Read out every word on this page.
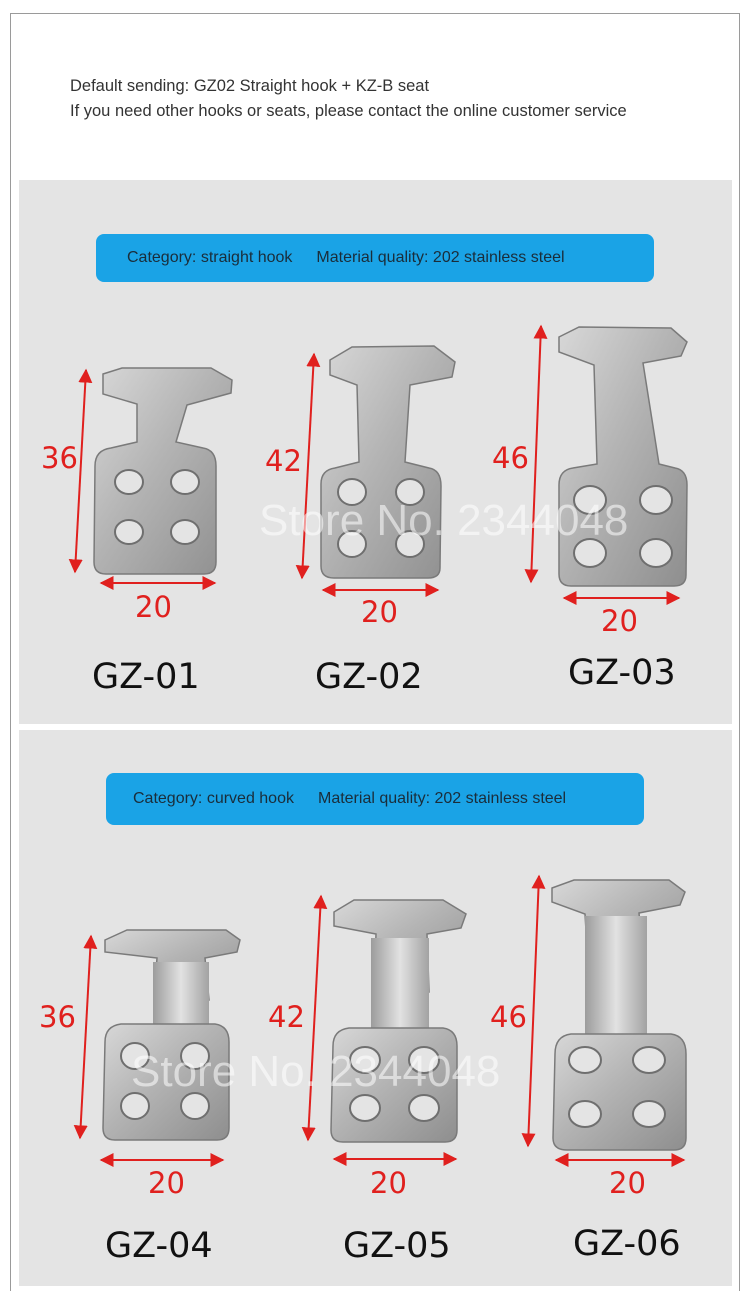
Default sending: GZ02 Straight hook + KZ-B seat
If you need other hooks or seats, please contact the online customer service
Category: straight hook Material quality: 202 stainless steel
36
20
GZ-01
42
20
GZ-02
46
20
GZ-03
Store No. 2344048
Category: curved hook Material quality: 202 stainless steel
36
20
GZ-04
42
20
GZ-05
46
20
GZ-06
Store No. 2344048
